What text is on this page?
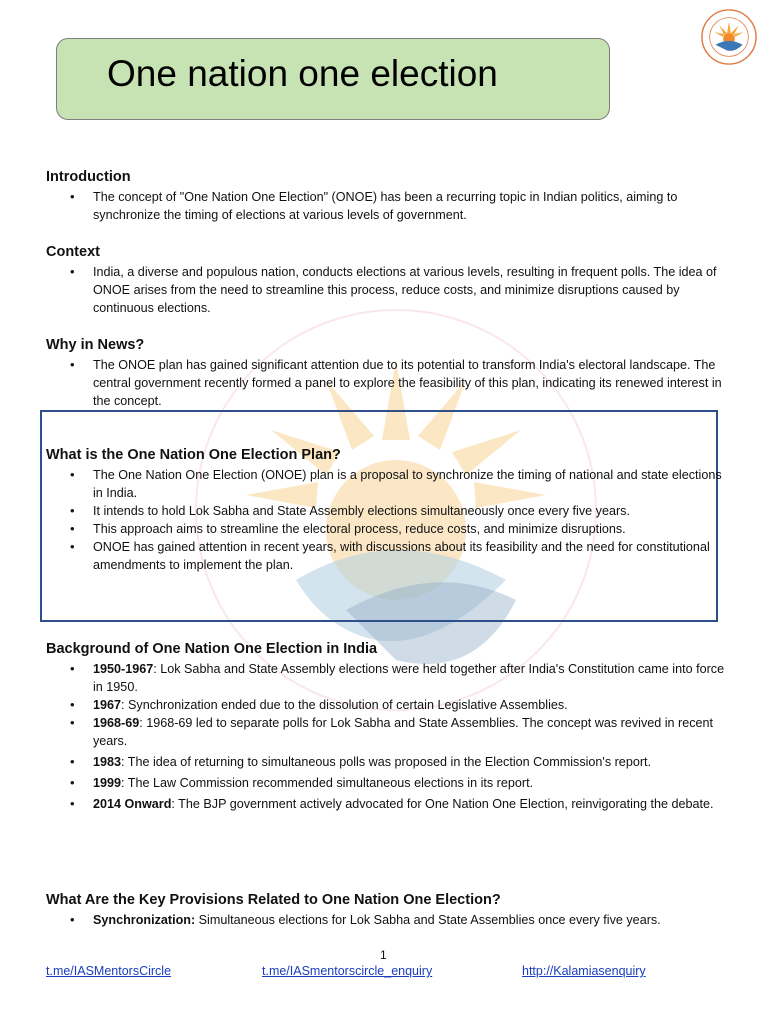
One nation one election
Introduction
• The concept of "One Nation One Election" (ONOE) has been a recurring topic in Indian politics, aiming to synchronize the timing of elections at various levels of government.
Context
• India, a diverse and populous nation, conducts elections at various levels, resulting in frequent polls. The idea of ONOE arises from the need to streamline this process, reduce costs, and minimize disruptions caused by continuous elections.
Why in News?
• The ONOE plan has gained significant attention due to its potential to transform India's electoral landscape. The central government recently formed a panel to explore the feasibility of this plan, indicating its renewed interest in the concept.
What is the One Nation One Election Plan?
• The One Nation One Election (ONOE) plan is a proposal to synchronize the timing of national and state elections in India.
• It intends to hold Lok Sabha and State Assembly elections simultaneously once every five years.
• This approach aims to streamline the electoral process, reduce costs, and minimize disruptions.
• ONOE has gained attention in recent years, with discussions about its feasibility and the need for constitutional amendments to implement the plan.
Background of One Nation One Election in India
• 1950-1967: Lok Sabha and State Assembly elections were held together after India's Constitution came into force in 1950.
• 1967: Synchronization ended due to the dissolution of certain Legislative Assemblies.
• 1968-69: 1968-69 led to separate polls for Lok Sabha and State Assemblies. The concept was revived in recent years.
• 1983: The idea of returning to simultaneous polls was proposed in the Election Commission's report.
• 1999: The Law Commission recommended simultaneous elections in its report.
• 2014 Onward: The BJP government actively advocated for One Nation One Election, reinvigorating the debate.
What Are the Key Provisions Related to One Nation One Election?
• Synchronization: Simultaneous elections for Lok Sabha and State Assemblies once every five years.
1
t.me/IASMentorsCircle	t.me/IASmentorscircle_enquiry	http://Kalamiasenquiry
